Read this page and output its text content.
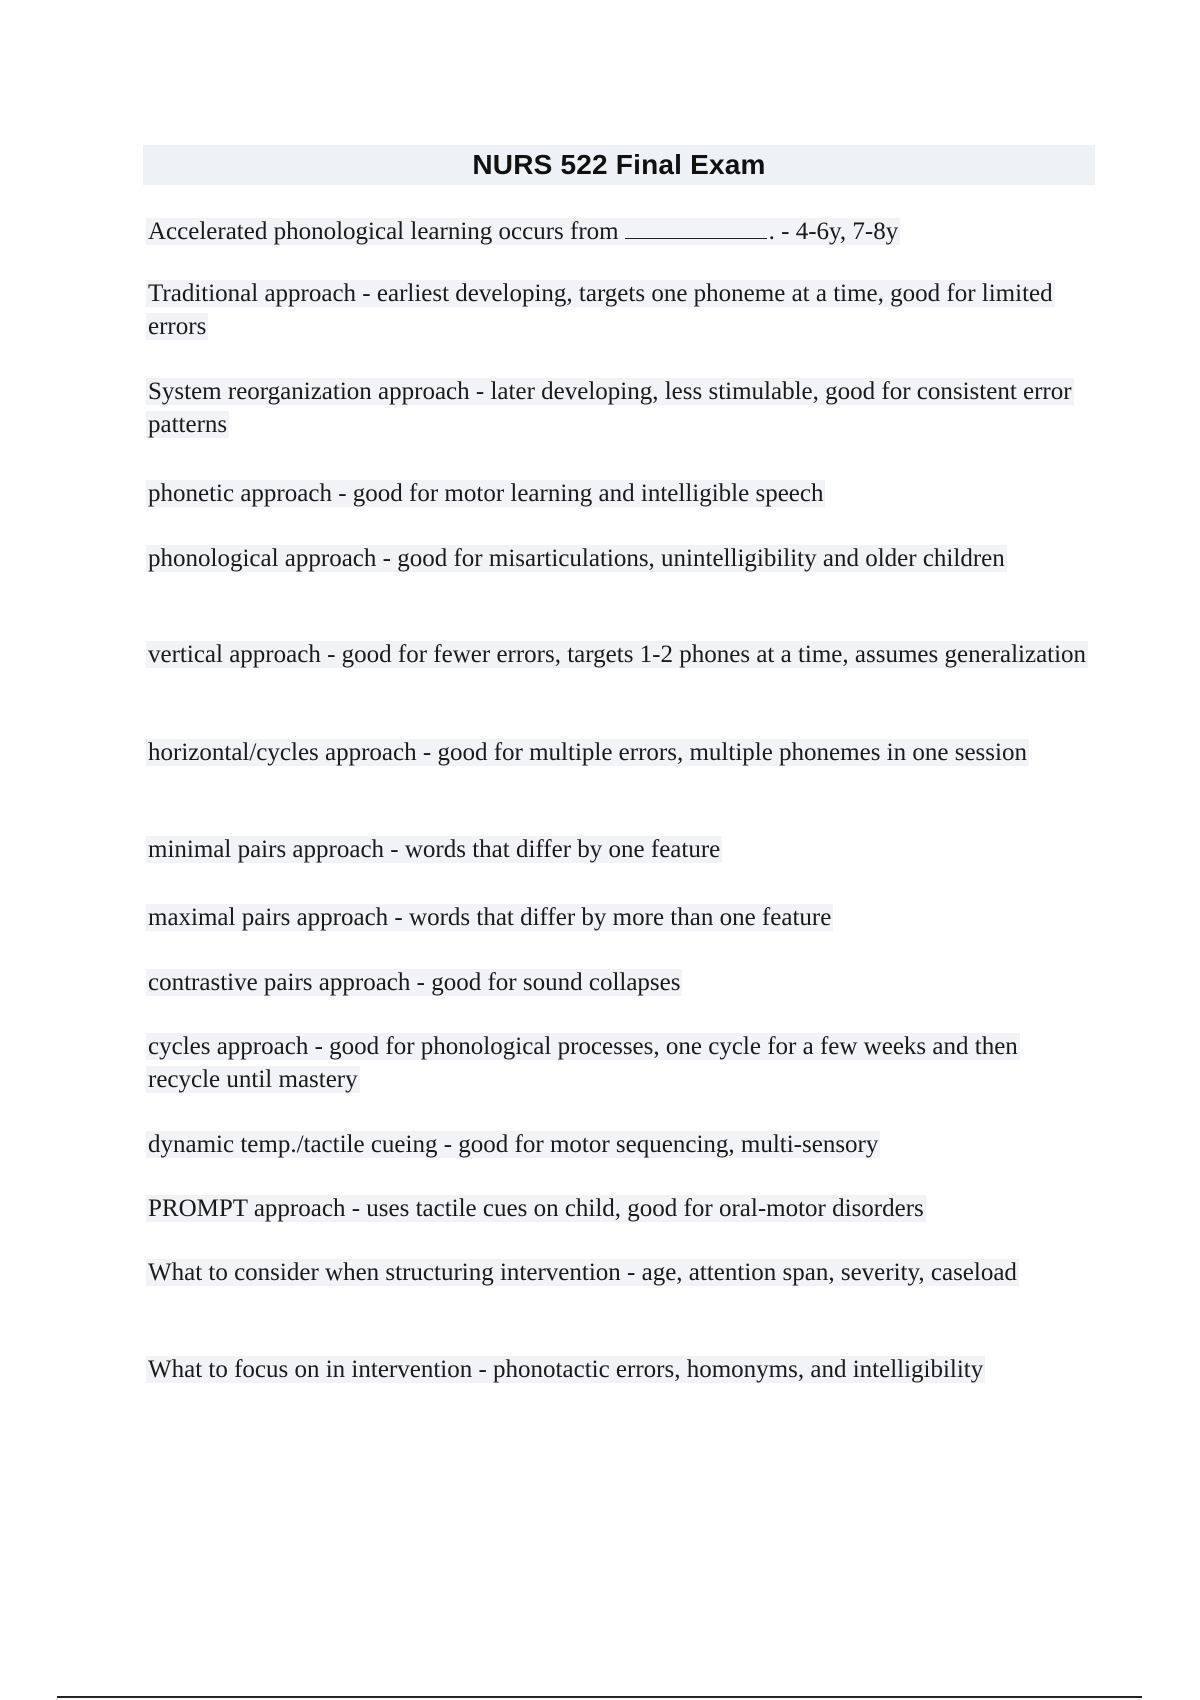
NURS 522 Final Exam
Accelerated phonological learning occurs from	. - 4-6y, 7-8y
Traditional approach - earliest developing, targets one phoneme at a time, good for limited errors
System reorganization approach - later developing, less stimulable, good for consistent error patterns
phonetic approach - good for motor learning and intelligible speech
phonological approach - good for misarticulations, unintelligibility and older children
vertical approach - good for fewer errors, targets 1-2 phones at a time, assumes generalization
horizontal/cycles approach - good for multiple errors, multiple phonemes in one session
minimal pairs approach - words that differ by one feature
maximal pairs approach - words that differ by more than one feature
contrastive pairs approach - good for sound collapses
cycles approach - good for phonological processes, one cycle for a few weeks and then recycle until mastery
dynamic temp./tactile cueing - good for motor sequencing, multi-sensory
PROMPT approach - uses tactile cues on child, good for oral-motor disorders
What to consider when structuring intervention - age, attention span, severity, caseload
What to focus on in intervention - phonotactic errors, homonyms, and intelligibility
